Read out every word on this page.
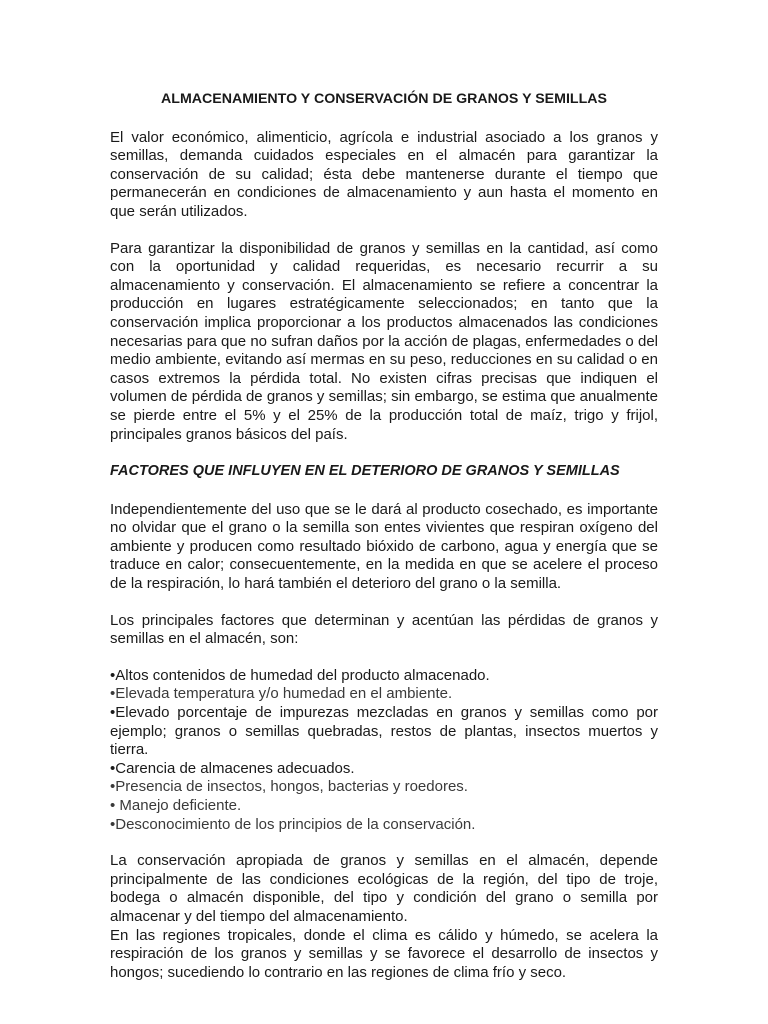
ALMACENAMIENTO Y CONSERVACIÓN DE GRANOS Y SEMILLAS

El valor económico, alimenticio, agrícola e industrial asociado a los granos y semillas, demanda cuidados especiales en el almacén para garantizar la conservación de su calidad; ésta debe mantenerse durante el tiempo que permanecerán en condiciones de almacenamiento y aun hasta el momento en que serán utilizados.

Para garantizar la disponibilidad de granos y semillas en la cantidad, así como con la oportunidad y calidad requeridas, es necesario recurrir a su almacenamiento y conservación. El almacenamiento se refiere a concentrar la producción en lugares estratégicamente seleccionados; en tanto que la conservación implica proporcionar a los productos almacenados las condiciones necesarias para que no sufran daños por la acción de plagas, enfermedades o del medio ambiente, evitando así mermas en su peso, reducciones en su calidad o en casos extremos la pérdida total. No existen cifras precisas que indiquen el volumen de pérdida de granos y semillas; sin embargo, se estima que anualmente se pierde entre el 5% y el 25% de la producción total de maíz, trigo y frijol, principales granos básicos del país.

FACTORES QUE INFLUYEN EN EL DETERIORO DE GRANOS Y SEMILLAS

Independientemente del uso que se le dará al producto cosechado, es importante no olvidar que el grano o la semilla son entes vivientes que respiran oxígeno del ambiente y producen como resultado bióxido de carbono, agua y energía que se traduce en calor; consecuentemente, en la medida en que se acelere el proceso de la respiración, lo hará también el deterioro del grano o la semilla.

Los principales factores que determinan y acentúan las pérdidas de granos y semillas en el almacén, son:

•Altos contenidos de humedad del producto almacenado.
•Elevada temperatura y/o humedad en el ambiente.
•Elevado porcentaje de impurezas mezcladas en granos y semillas como por ejemplo; granos o semillas quebradas, restos de plantas, insectos muertos y tierra.
•Carencia de almacenes adecuados.
•Presencia de insectos, hongos, bacterias y roedores.
• Manejo deficiente.
•Desconocimiento de los principios de la conservación.

La conservación apropiada de granos y semillas en el almacén, depende principalmente de las condiciones ecológicas de la región, del tipo de troje, bodega o almacén disponible, del tipo y condición del grano o semilla por almacenar y del tiempo del almacenamiento.

En las regiones tropicales, donde el clima es cálido y húmedo, se acelera la respiración de los granos y semillas y se favorece el desarrollo de insectos y hongos; sucediendo lo contrario en las regiones de clima frío y seco.
